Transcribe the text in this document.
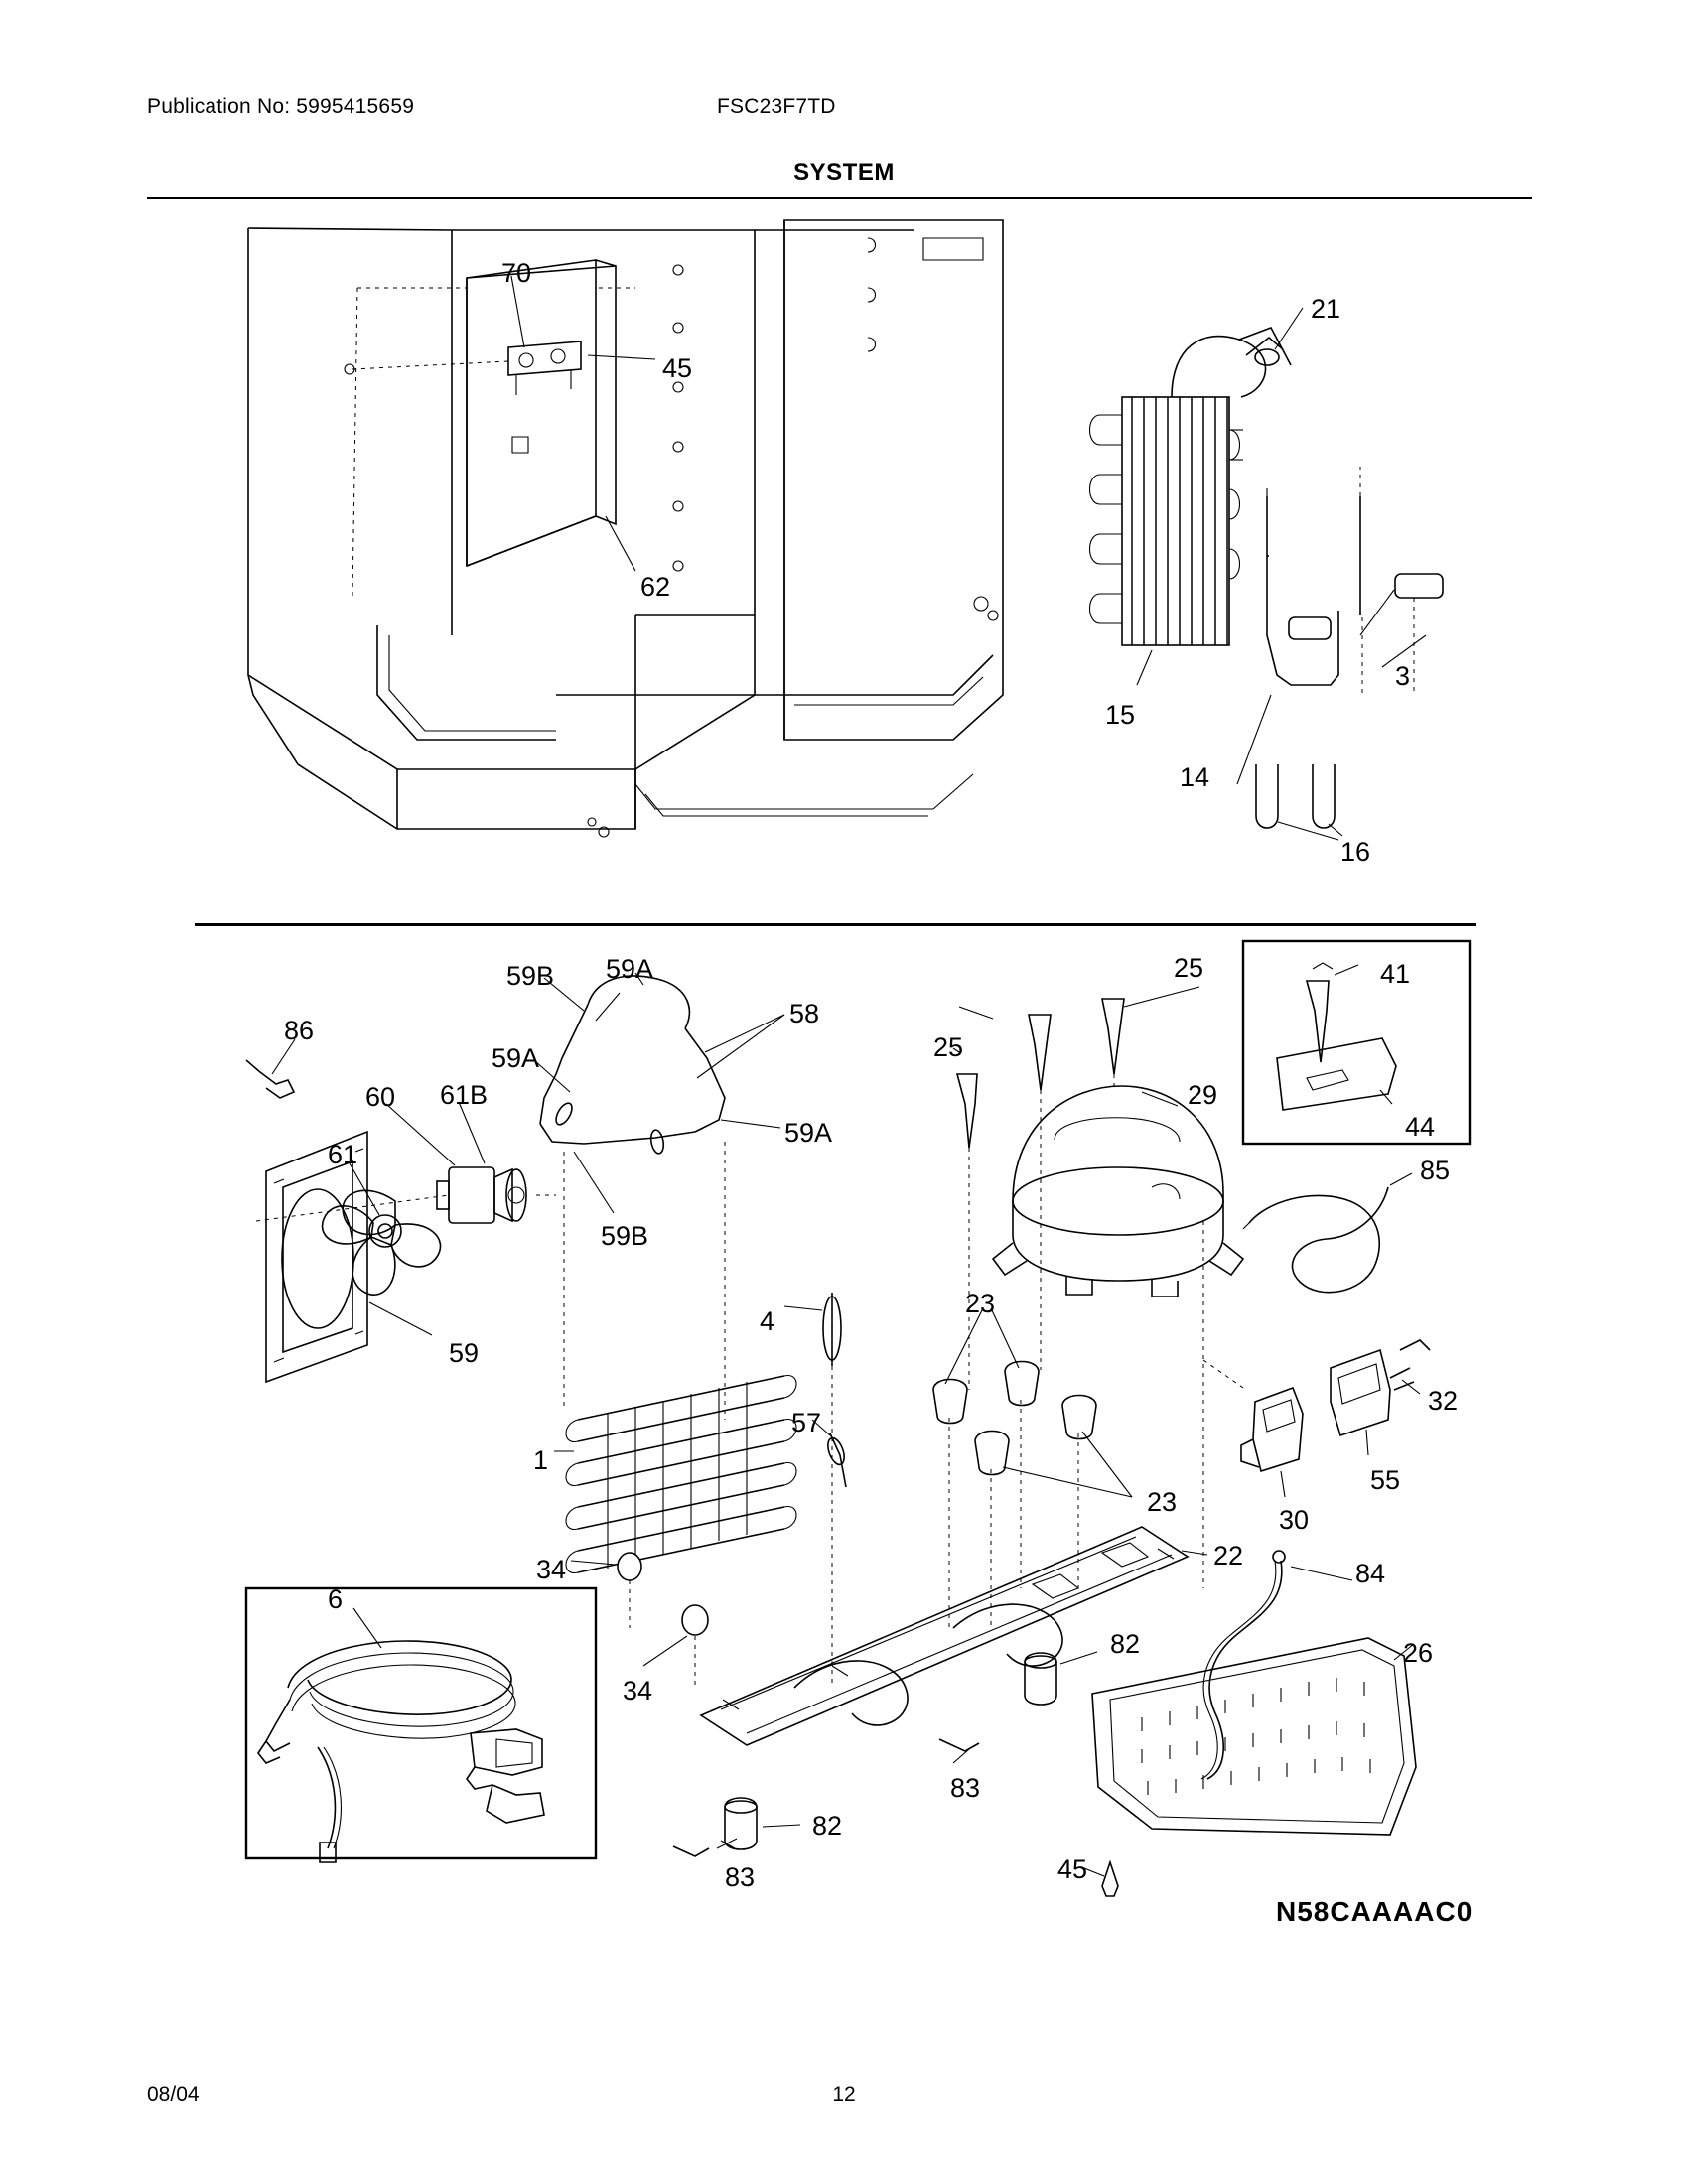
Publication No: 5995415659	FSC23F7TD
SYSTEM
70
21
45
62
3
15
14
16
59B 59A
58
25	41
86
59A	25
60 61B	29
59A	44
61
85
59B
4
23
59
32
57
1
55
23
30
34	22
84
6
26
82
34
83
82
45
83
N58CAAAAC0
08/04	12
